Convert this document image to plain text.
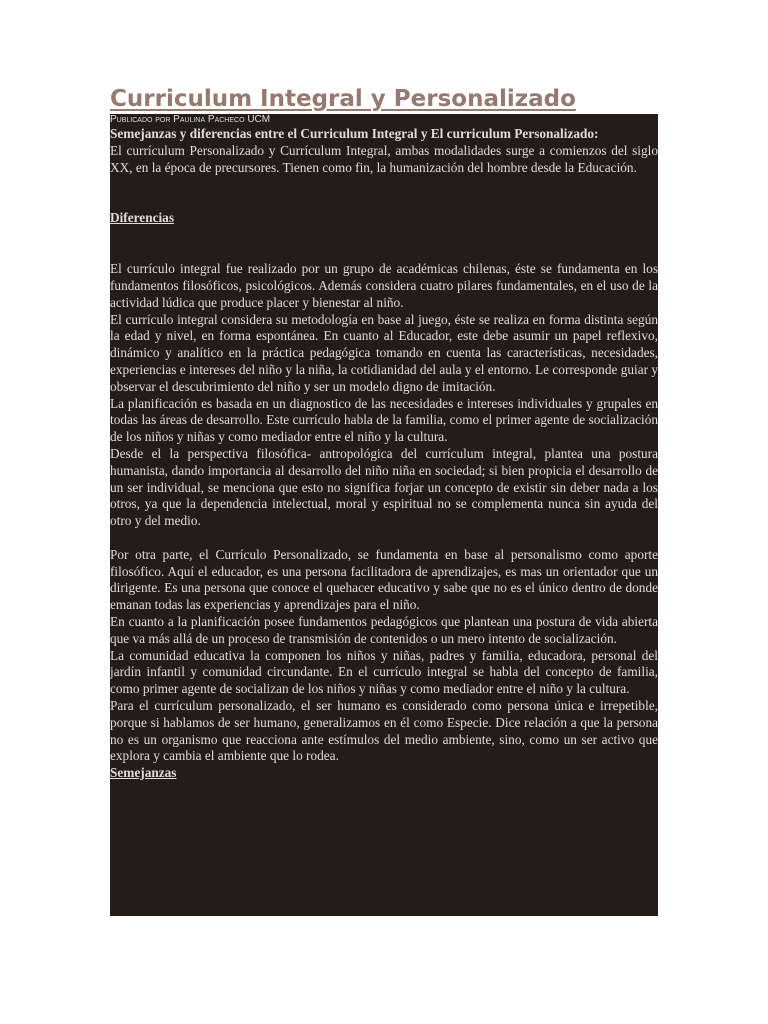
Curriculum Integral y Personalizado

Publicado por Paulina Pacheco UCM

Semejanzas y diferencias entre el Curriculum Integral y El curriculum Personalizado:

El currículum Personalizado y Currículum Integral, ambas modalidades surge a comienzos del siglo XX, en la época de precursores. Tienen como fin, la humanización del hombre desde la Educación.

Diferencias

El currículo integral fue realizado por un grupo de académicas chilenas, éste se fundamenta en los fundamentos filosóficos, psicológicos. Además considera cuatro pilares fundamentales, en el uso de la actividad lúdica que produce placer y bienestar al niño.

El currículo integral considera su metodología en base al juego, éste se realiza en forma distinta según la edad y nivel, en forma espontánea. En cuanto al Educador, este debe asumir un papel reflexivo, dinámico y analítico en la práctica pedagógica tomando en cuenta las características, necesidades, experiencias e intereses del niño y la niña, la cotidianidad del aula y el entorno. Le corresponde guiar y observar el descubrimiento del niño y ser un modelo digno de imitación.

La planificación es basada en un diagnostico de las necesidades e intereses individuales y grupales en todas las áreas de desarrollo. Este currículo habla de la familia, como el primer agente de socialización de los niños y niñas y como mediador entre el niño y la cultura.

Desde el la perspectiva filosófica- antropológica del currículum integral, plantea una postura humanista, dando importancia al desarrollo del niño niña en sociedad; si bien propicia el desarrollo de un ser individual, se menciona que esto no significa forjar un concepto de existir sin deber nada a los otros, ya que la dependencia intelectual, moral y espiritual no se complementa nunca sin ayuda del otro y del medio.

Por otra parte, el Currículo Personalizado, se fundamenta en base al personalismo como aporte filosófico. Aquí el educador, es una persona facilitadora de aprendizajes, es mas un orientador que un dirigente. Es una persona que conoce el quehacer educativo y sabe que no es el único dentro de donde emanan todas las experiencias y aprendizajes para el niño.

En cuanto a la planificación posee fundamentos pedagógicos que plantean una postura de vida abierta que va más allá de un proceso de transmisión de contenidos o un mero intento de socialización.

La comunidad educativa la componen los niños y niñas, padres y familia, educadora, personal del jardín infantil y comunidad circundante. En el currículo integral se habla del concepto de familia, como primer agente de socializan de los niños y niñas y como mediador entre el niño y la cultura.

Para el currículum personalizado, el ser humano es considerado como persona única e irrepetible, porque si hablamos de ser humano, generalizamos en él como Especie. Dice relación a que la persona no es un organismo que reacciona ante estímulos del medio ambiente, sino, como un ser activo que explora y cambia el ambiente que lo rodea.

Semejanzas
